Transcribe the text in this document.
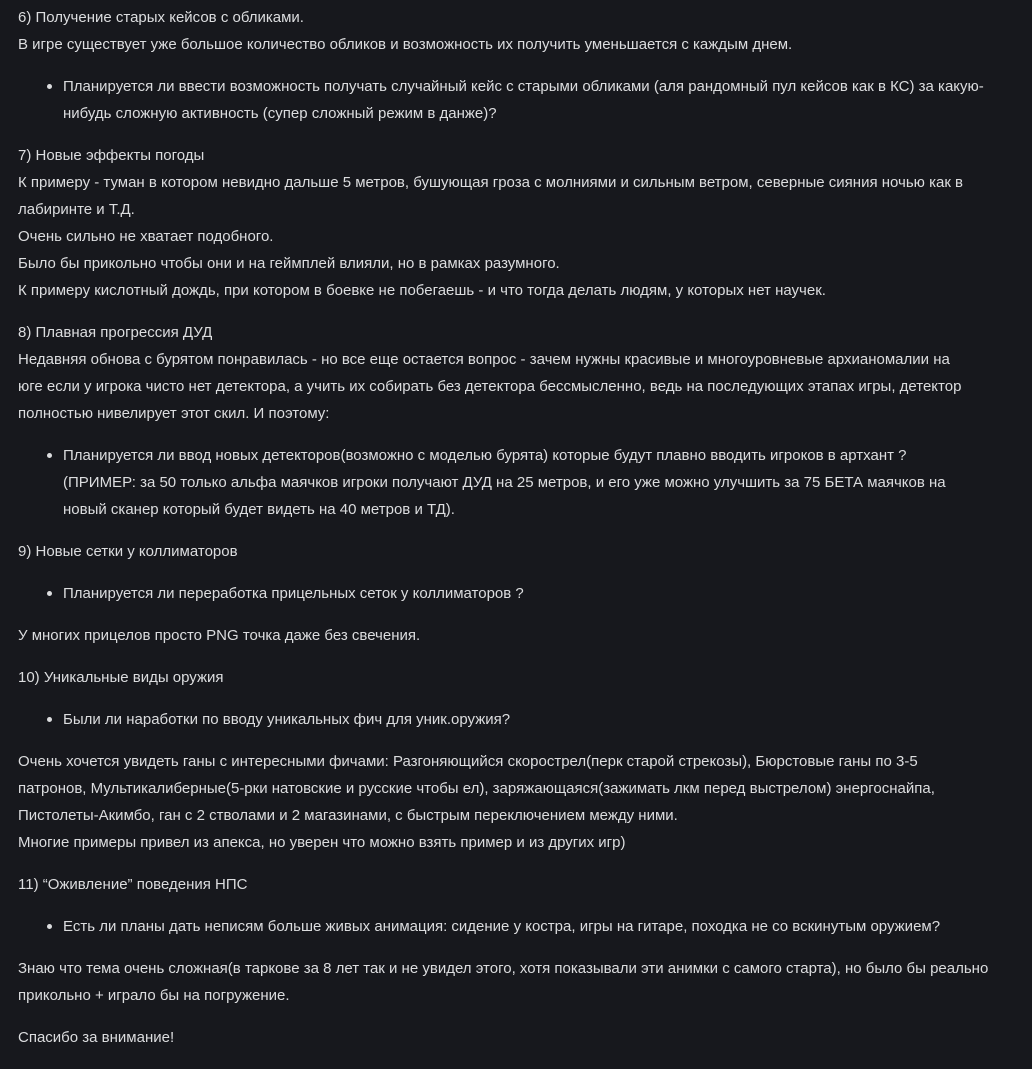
6) Получение старых кейсов с обликами.
В игре существует уже большое количество обликов и возможность их получить уменьшается с каждым днем.
Планируется ли ввести возможность получать случайный кейс с старыми обликами (аля рандомный пул кейсов как в КС) за какую-
нибудь сложную активность (супер сложный режим в данже)?
7) Новые эффекты погоды
К примеру - туман в котором невидно дальше 5 метров, бушующая гроза с молниями и сильным ветром, северные сияния ночью как в
лабиринте и Т.Д.
Очень сильно не хватает подобного.
Было бы прикольно чтобы они и на геймплей влияли, но в рамках разумного.
К примеру кислотный дождь, при котором в боевке не побегаешь - и что тогда делать людям, у которых нет научек.
8) Плавная прогрессия ДУД
Недавняя обнова с бурятом понравилась - но все еще остается вопрос - зачем нужны красивые и многоуровневые архианомалии на
юге если у игрока чисто нет детектора, а учить их собирать без детектора бессмысленно, ведь на последующих этапах игры, детектор
полностью нивелирует этот скил. И поэтому:
Планируется ли ввод новых детекторов(возможно с моделью бурята) которые будут плавно вводить игроков в артхант ?
(ПРИМЕР: за 50 только альфа маячков игроки получают ДУД на 25 метров, и его уже можно улучшить за 75 БЕТА маячков на
новый сканер который будет видеть на 40 метров и ТД).
9) Новые сетки у коллиматоров
Планируется ли переработка прицельных сеток у коллиматоров ?
У многих прицелов просто PNG точка даже без свечения.
10) Уникальные виды оружия
Были ли наработки по вводу уникальных фич для уник.оружия?
Очень хочется увидеть ганы с интересными фичами: Разгоняющийся скорострел(перк старой стрекозы), Бюрстовые ганы по 3-5
патронов, Мультикалиберные(5-рки натовские и русские чтобы ел), заряжающаяся(зажимать лкм перед выстрелом) энергоснайпа,
Пистолеты-Акимбо, ган с 2 стволами и 2 магазинами, с быстрым переключением между ними.
Многие примеры привел из апекса, но уверен что можно взять пример и из других игр)
11) “Оживление” поведения НПС
Есть ли планы дать неписям больше живых анимация: сидение у костра, игры на гитаре, походка не со вскинутым оружием?
Знаю что тема очень сложная(в таркове за 8 лет так и не увидел этого, хотя показывали эти анимки с самого старта), но было бы реально
прикольно + играло бы на погружение.
Спасибо за внимание!
